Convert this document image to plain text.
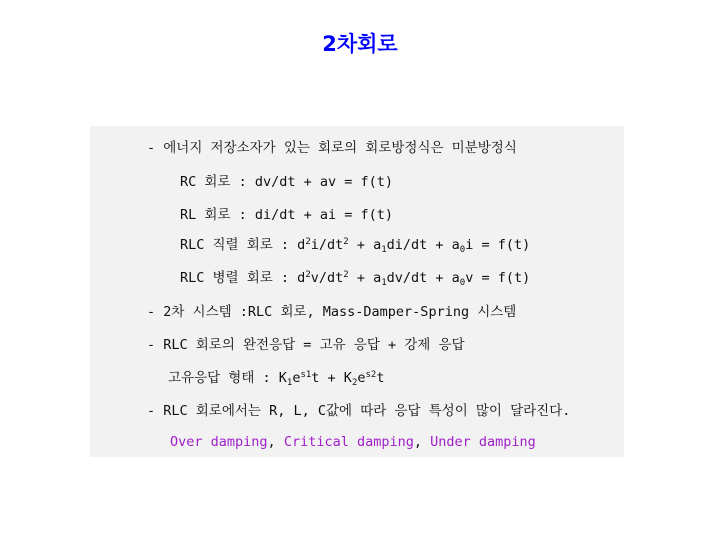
2차회로
- 에너지 저장소자가 있는 회로의 회로방정식은 미분방정식
RC 회로 : dv/dt + av = f(t)
RL 회로 : di/dt + ai = f(t)
RLC 직렬 회로 : $d^2i/dt^2 + a_1di/dt + a_0i = f(t)$
RLC 병렬 회로 : $d^2v/dt^2 + a_1dv/dt + a_0v = f(t)$
- 2차 시스템 :RLC 회로, Mass-Damper-Spring 시스템
- RLC 회로의 완전응답 = 고유 응답 + 강제 응답
고유응답 형태 : $K_1e^{s1}t + K_2e^{s2}t$
- RLC 회로에서는 R, L, C값에 따라 응답 특성이 많이 달라진다.
Over damping, Critical damping, Under damping
